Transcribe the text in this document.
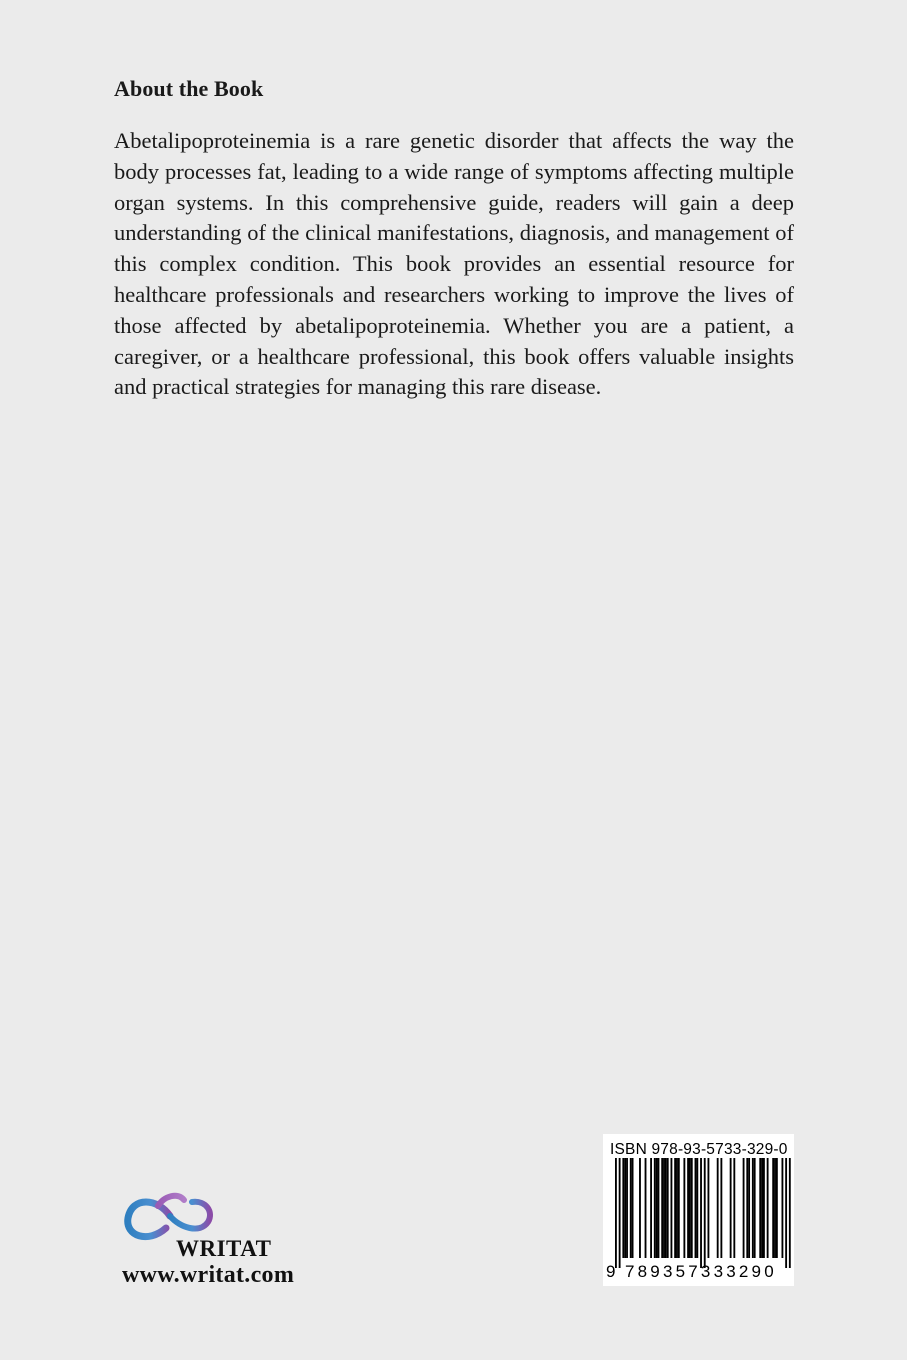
About the Book

Abetalipoproteinemia is a rare genetic disorder that affects the way the body processes fat, leading to a wide range of symptoms affecting multiple organ systems. In this comprehensive guide, readers will gain a deep understanding of the clinical manifestations, diagnosis, and management of this complex condition. This book provides an essential resource for healthcare professionals and researchers working to improve the lives of those affected by abetalipoproteinemia. Whether you are a patient, a caregiver, or a healthcare professional, this book offers valuable insights and practical strategies for managing this rare disease.

WRITAT
www.writat.com
ISBN 978-93-5733-329-0
9 789357333290
